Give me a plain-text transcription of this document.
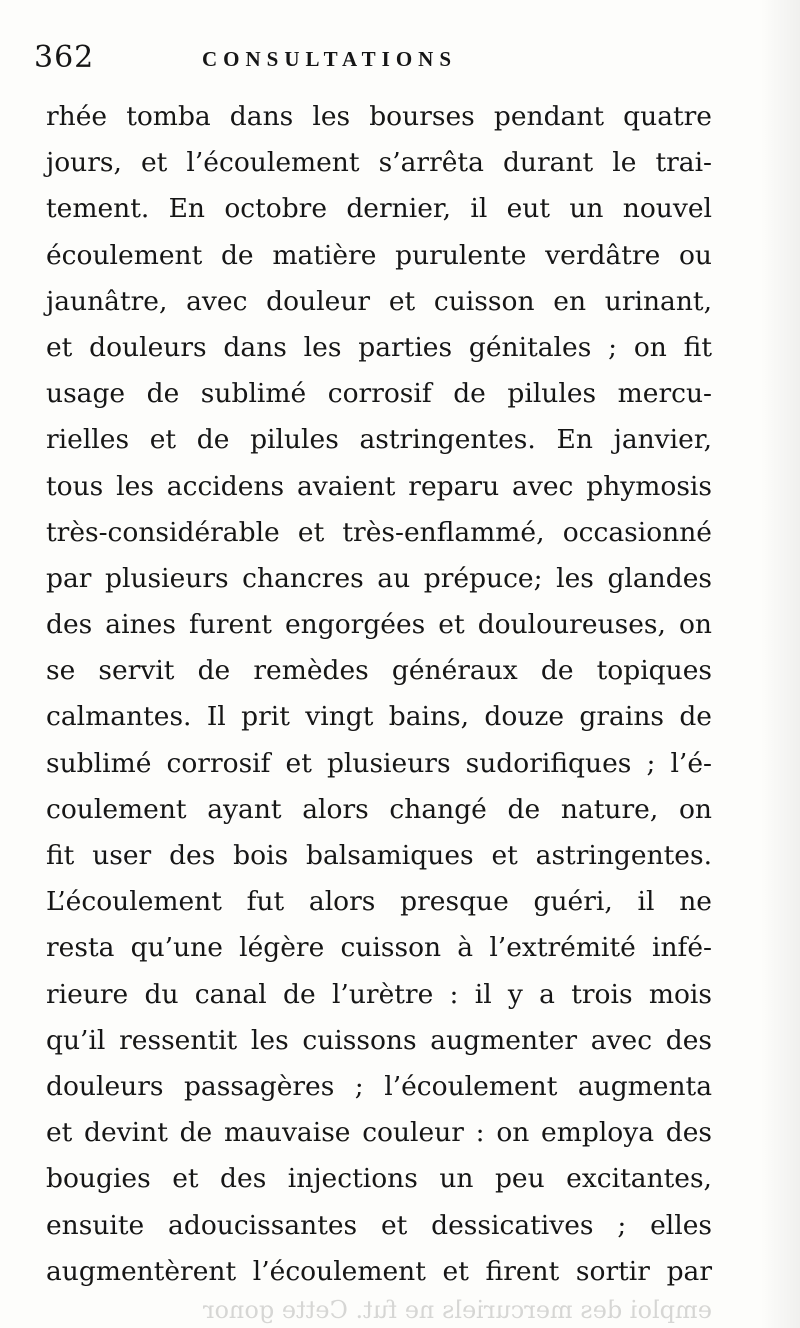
362	CONSULTATIONS
rhée tomba dans les bourses pendant quatre
jours, et l’écoulement s’arrêta durant le trai-
tement. En octobre dernier, il eut un nouvel
écoulement de matière purulente verdâtre ou
jaunâtre, avec douleur et cuisson en urinant,
et douleurs dans les parties génitales ; on fit
usage de sublimé corrosif de pilules mercu-
rielles et de pilules astringentes. En janvier,
tous les accidens avaient reparu avec phymosis
très-considérable et très-enflammé, occasionné
par plusieurs chancres au prépuce; les glandes
des aines furent engorgées et douloureuses, on
se servit de remèdes généraux de topiques
calmantes. Il prit vingt bains, douze grains de
sublimé corrosif et plusieurs sudorifiques ; l’é-
coulement ayant alors changé de nature, on
fit user des bois balsamiques et astringentes.
L’écoulement fut alors presque guéri, il ne
resta qu’une légère cuisson à l’extrémité infé-
rieure du canal de l’urètre : il y a trois mois
qu’il ressentit les cuissons augmenter avec des
douleurs passagères ; l’écoulement augmenta
et devint de mauvaise couleur : on employa des
bougies et des injections un peu excitantes,
ensuite adoucissantes et dessicatives ; elles
augmentèrent l’écoulement et firent sortir par
emploi des mercuriels ne fut. Cette gonor
